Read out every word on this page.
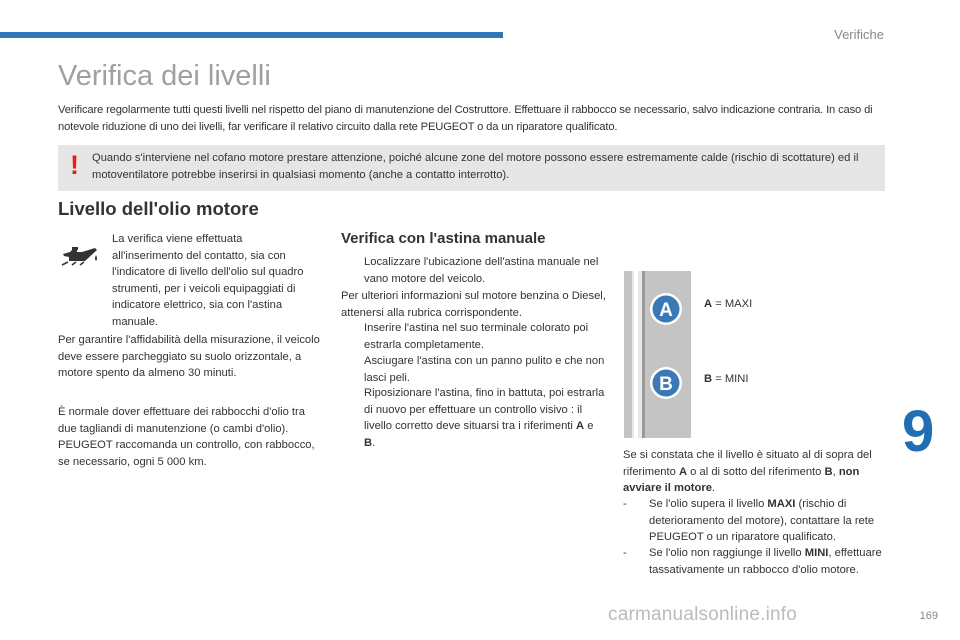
Verifiche
Verifica dei livelli
Verificare regolarmente tutti questi livelli nel rispetto del piano di manutenzione del Costruttore. Effettuare il rabbocco se necessario, salvo indicazione contraria. In caso di notevole riduzione di uno dei livelli, far verificare il relativo circuito dalla rete PEUGEOT o da un riparatore qualificato.
! Quando s'interviene nel cofano motore prestare attenzione, poiché alcune zone del motore possono essere estremamente calde (rischio di scottature) ed il motoventilatore potrebbe inserirsi in qualsiasi momento (anche a contatto interrotto).
Livello dell'olio motore
La verifica viene effettuata all'inserimento del contatto, sia con l'indicatore di livello dell'olio sul quadro strumenti, per i veicoli equipaggiati di indicatore elettrico, sia con l'astina manuale.
Per garantire l'affidabilità della misurazione, il veicolo deve essere parcheggiato su suolo orizzontale, a motore spento da almeno 30 minuti.
È normale dover effettuare dei rabbocchi d'olio tra due tagliandi di manutenzione (o cambi d'olio). PEUGEOT raccomanda un controllo, con rabbocco, se necessario, ogni 5 000 km.
Verifica con l'astina manuale
Localizzare l'ubicazione dell'astina manuale nel vano motore del veicolo.
Per ulteriori informazioni sul motore benzina o Diesel, attenersi alla rubrica corrispondente.
Inserire l'astina nel suo terminale colorato poi estrarla completamente.
Asciugare l'astina con un panno pulito e che non lasci peli.
Riposizionare l'astina, fino in battuta, poi estrarla di nuovo per effettuare un controllo visivo : il livello corretto deve situarsi tra i riferimenti A e B.
A
B
A = MAXI
B = MINI
Se si constata che il livello è situato al di sopra del riferimento A o al di sotto del riferimento B, non avviare il motore.
-	Se l'olio supera il livello MAXI (rischio di deterioramento del motore), contattare la rete PEUGEOT o un riparatore qualificato.
-	Se l'olio non raggiunge il livello MINI, effettuare tassativamente un rabbocco d'olio motore.
9
carmanualsonline.info	169
